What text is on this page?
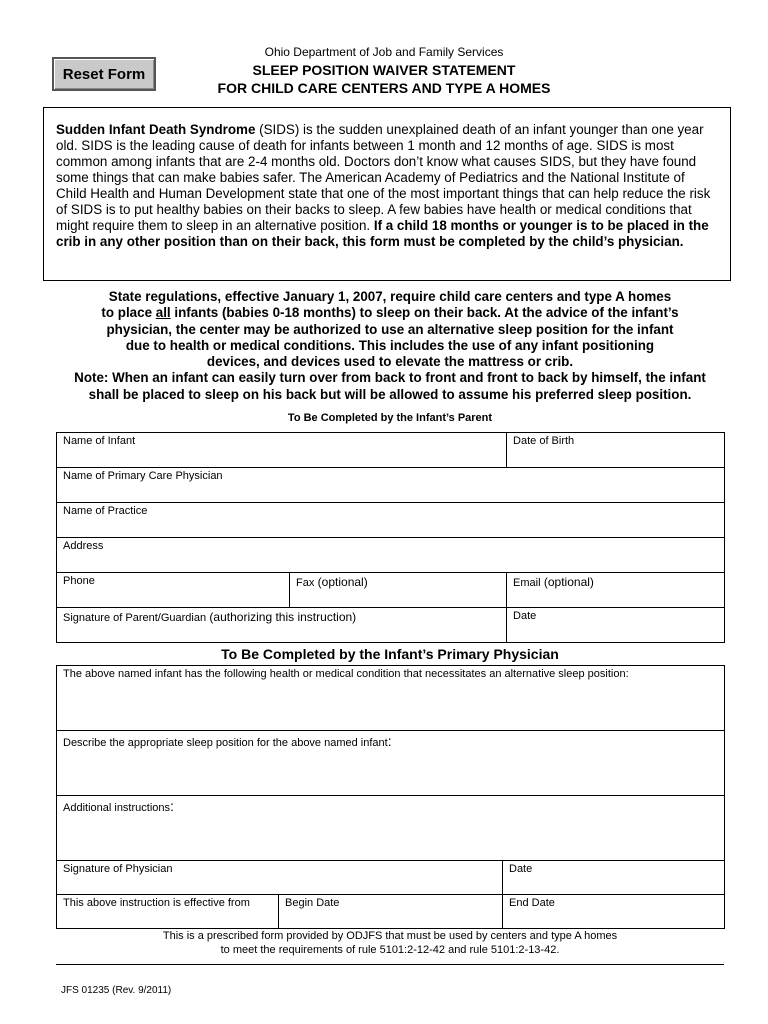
Reset Form
Ohio Department of Job and Family Services
SLEEP POSITION WAIVER STATEMENT
FOR CHILD CARE CENTERS AND TYPE A HOMES
Sudden Infant Death Syndrome (SIDS) is the sudden unexplained death of an infant younger than one year old. SIDS is the leading cause of death for infants between 1 month and 12 months of age. SIDS is most common among infants that are 2-4 months old. Doctors don’t know what causes SIDS, but they have found some things that can make babies safer. The American Academy of Pediatrics and the National Institute of Child Health and Human Development state that one of the most important things that can help reduce the risk of SIDS is to put healthy babies on their backs to sleep. A few babies have health or medical conditions that might require them to sleep in an alternative position. If a child 18 months or younger is to be placed in the crib in any other position than on their back, this form must be completed by the child’s physician.
State regulations, effective January 1, 2007, require child care centers and type A homes
to place all infants (babies 0-18 months) to sleep on their back. At the advice of the infant’s
physician, the center may be authorized to use an alternative sleep position for the infant
due to health or medical conditions. This includes the use of any infant positioning
devices, and devices used to elevate the mattress or crib.
Note: When an infant can easily turn over from back to front and front to back by himself, the infant
shall be placed to sleep on his back but will be allowed to assume his preferred sleep position.
To Be Completed by the Infant’s Parent
Name of Infant		Date of Birth
Name of Primary Care Physician		
Name of Practice		
Address		
Phone	Fax (optional)	Email (optional)
Signature of Parent/Guardian (authorizing this instruction)		Date
To Be Completed by the Infant’s Primary Physician
The above named infant has the following health or medical condition that necessitates an alternative sleep position:		
Describe the appropriate sleep position for the above named infant:		
Additional instructions:		
Signature of Physician		Date
This above instruction is effective from	Begin Date	End Date
This is a prescribed form provided by ODJFS that must be used by centers and type A homes
to meet the requirements of rule 5101:2-12-42 and rule 5101:2-13-42.
JFS 01235 (Rev. 9/2011)
